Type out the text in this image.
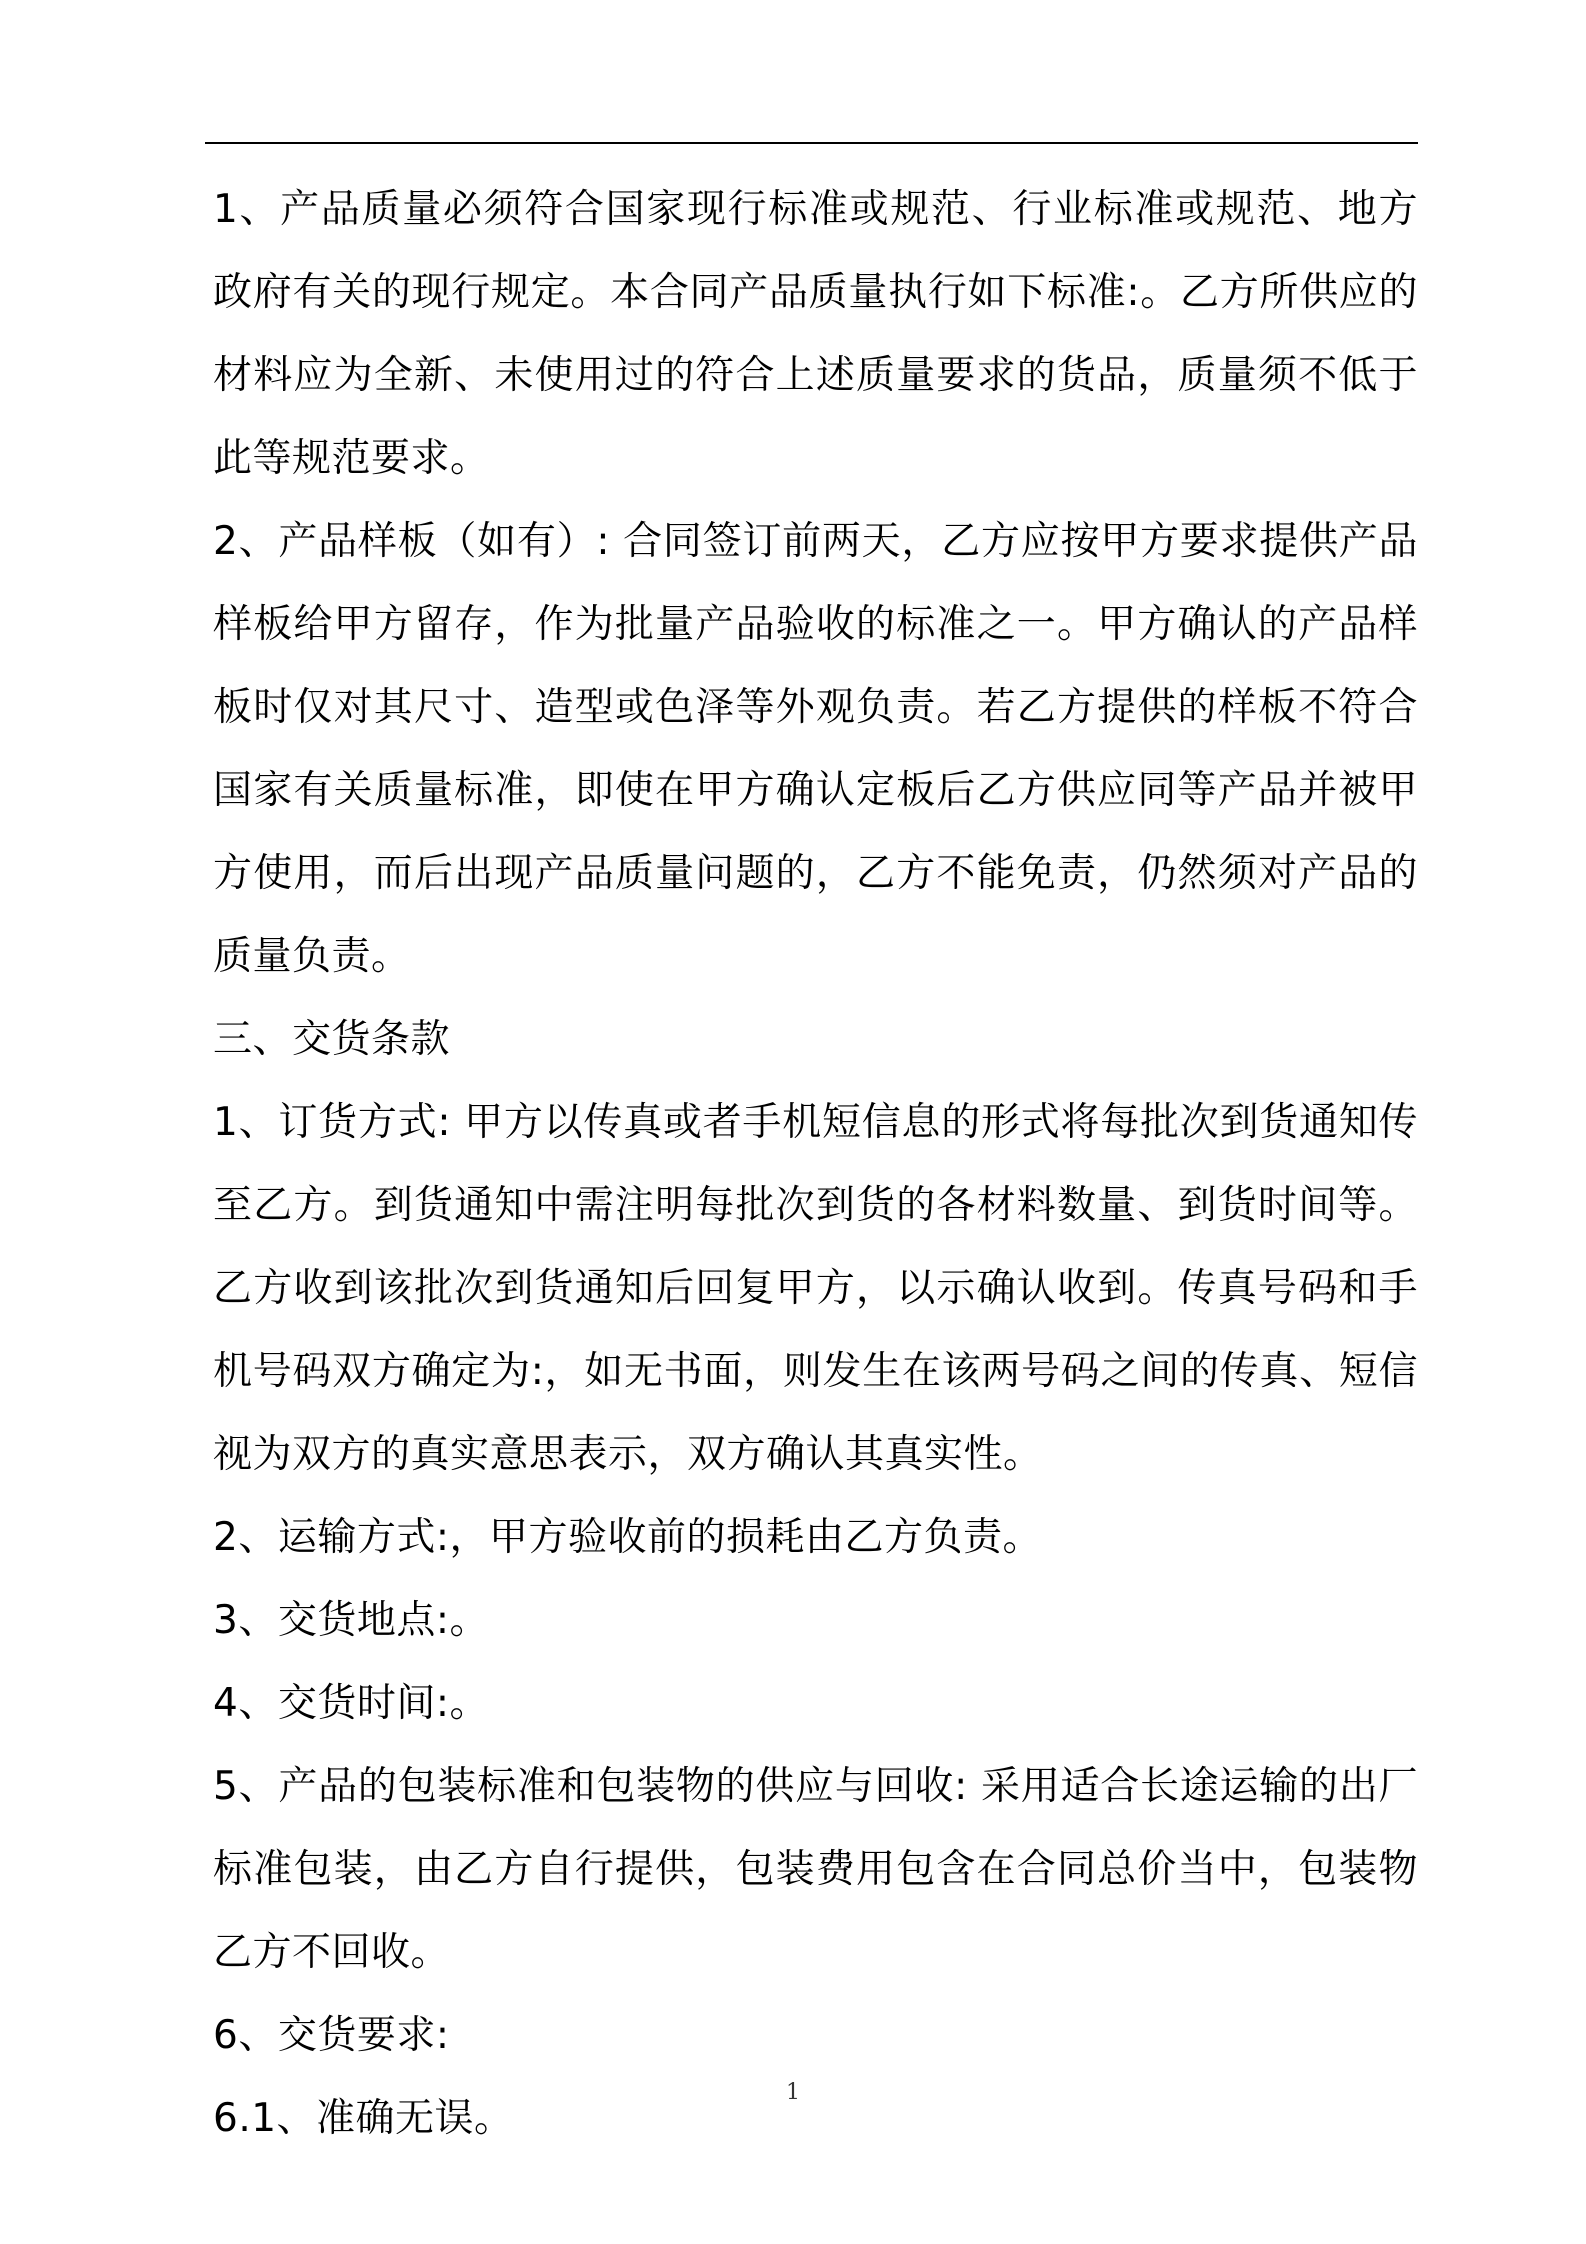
1、产品质量必须符合国家现行标准或规范、行业标准或规范、地方政府有关的现行规定。本合同产品质量执行如下标准:。乙方所供应的材料应为全新、未使用过的符合上述质量要求的货品，质量须不低于此等规范要求。

2、产品样板（如有）: 合同签订前两天，乙方应按甲方要求提供产品样板给甲方留存，作为批量产品验收的标准之一。甲方确认的产品样板时仅对其尺寸、造型或色泽等外观负责。若乙方提供的样板不符合国家有关质量标准，即使在甲方确认定板后乙方供应同等产品并被甲方使用，而后出现产品质量问题的，乙方不能免责，仍然须对产品的质量负责。

三、交货条款

1、订货方式: 甲方以传真或者手机短信息的形式将每批次到货通知传至乙方。到货通知中需注明每批次到货的各材料数量、到货时间等。乙方收到该批次到货通知后回复甲方，以示确认收到。传真号码和手机号码双方确定为:，如无书面，则发生在该两号码之间的传真、短信视为双方的真实意思表示，双方确认其真实性。

2、运输方式:，甲方验收前的损耗由乙方负责。

3、交货地点:。

4、交货时间:。

5、产品的包装标准和包装物的供应与回收: 采用适合长途运输的出厂标准包装，由乙方自行提供，包装费用包含在合同总价当中，包装物乙方不回收。

6、交货要求:

6.1、准确无误。

1
